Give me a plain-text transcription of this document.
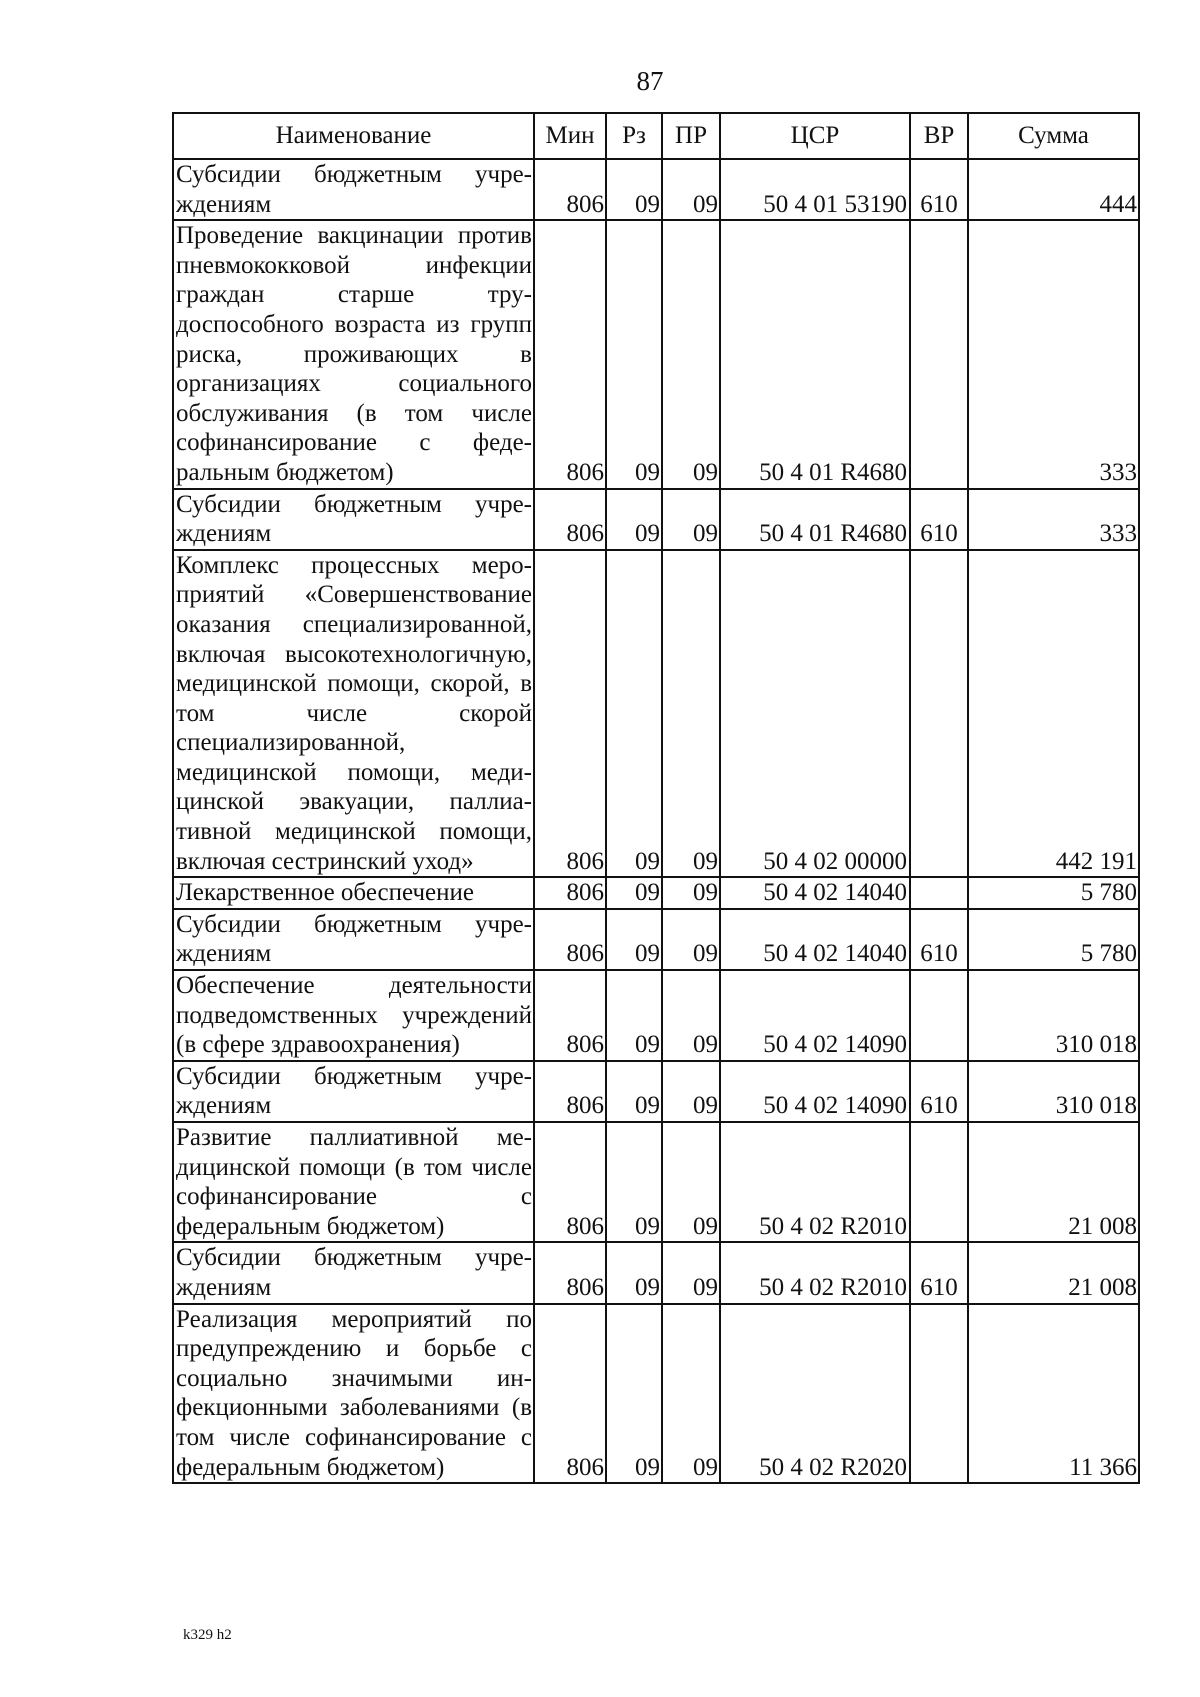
87
Наименование	Мин	Рз	ПР	ЦСР	ВР	Сумма
Субсидии бюджетным учреждениям	806	09	09	50 4 01 53190	610	444
Проведение вакцинации против пневмококковой инфекции граждан старше трудоспособного возраста из групп риска, проживающих в организациях социального обслуживания (в том числе софинансирование с федеральным бюджетом)	806	09	09	50 4 01 R4680		333
Субсидии бюджетным учреждениям	806	09	09	50 4 01 R4680	610	333
Комплекс процессных мероприятий «Совершенствование оказания специализированной, включая высокотехнологичную, медицинской помощи, скорой, в том числе скорой специализированной, медицинской помощи, медицинской эвакуации, паллиативной медицинской помощи, включая сестринский уход»	806	09	09	50 4 02 00000		442 191
Лекарственное обеспечение	806	09	09	50 4 02 14040		5 780
Субсидии бюджетным учреждениям	806	09	09	50 4 02 14040	610	5 780
Обеспечение деятельности подведомственных учреждений (в сфере здравоохранения)	806	09	09	50 4 02 14090		310 018
Субсидии бюджетным учреждениям	806	09	09	50 4 02 14090	610	310 018
Развитие паллиативной медицинской помощи (в том числе софинансирование с федеральным бюджетом)	806	09	09	50 4 02 R2010		21 008
Субсидии бюджетным учреждениям	806	09	09	50 4 02 R2010	610	21 008
Реализация мероприятий по предупреждению и борьбе с социально значимыми инфекционными заболеваниями (в том числе софинансирование с федеральным бюджетом)	806	09	09	50 4 02 R2020		11 366
k329 h2
